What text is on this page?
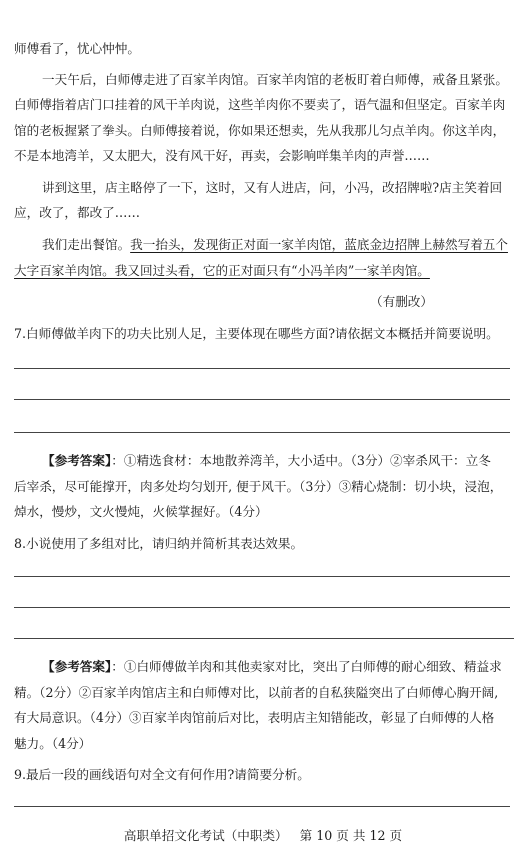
师傅看了，忧心忡忡。
一天午后，白师傅走进了百家羊肉馆。百家羊肉馆的老板盯着白师傅，戒备且紧张。
白师傅指着店门口挂着的风干羊肉说，这些羊肉你不要卖了，语气温和但坚定。百家羊肉
馆的老板握紧了拳头。白师傅接着说，你如果还想卖，先从我那儿匀点羊肉。你这羊肉，
不是本地湾羊，又太肥大，没有风干好，再卖，会影响咩集羊肉的声誉……
讲到这里，店主略停了一下，这时，又有人进店，问，小冯，改招牌啦?店主笑着回
应，改了，都改了……
我们走出餐馆。我一抬头，发现街正对面一家羊肉馆，蓝底金边招牌上赫然写着五个
大字百家羊肉馆。我又回过头看，它的正对面只有“小冯羊肉”一家羊肉馆。
（有删改）
7.白师傅做羊肉下的功夫比别人足，主要体现在哪些方面?请依据文本概括并简要说明。
【参考答案】：①精选食材：本地散养湾羊，大小适中。（3分）②宰杀风干：立冬
后宰杀，尽可能撑开，肉多处均匀划开, 便于风干。（3分）③精心烧制：切小块，浸泡，
焯水，慢炒，文火慢炖，火候掌握好。（4分）
8.小说使用了多组对比，请归纳并简析其表达效果。
【参考答案】：①白师傅做羊肉和其他卖家对比，突出了白师傅的耐心细致、精益求
精。（2分）②百家羊肉馆店主和白师傅对比，以前者的自私狭隘突出了白师傅心胸开阔,
有大局意识。（4分）③百家羊肉馆前后对比，表明店主知错能改，彰显了白师傅的人格
魅力。（4分）
9.最后一段的画线语句对全文有何作用?请简要分析。
高职单招文化考试（中职类） 第 10 页 共 12 页
